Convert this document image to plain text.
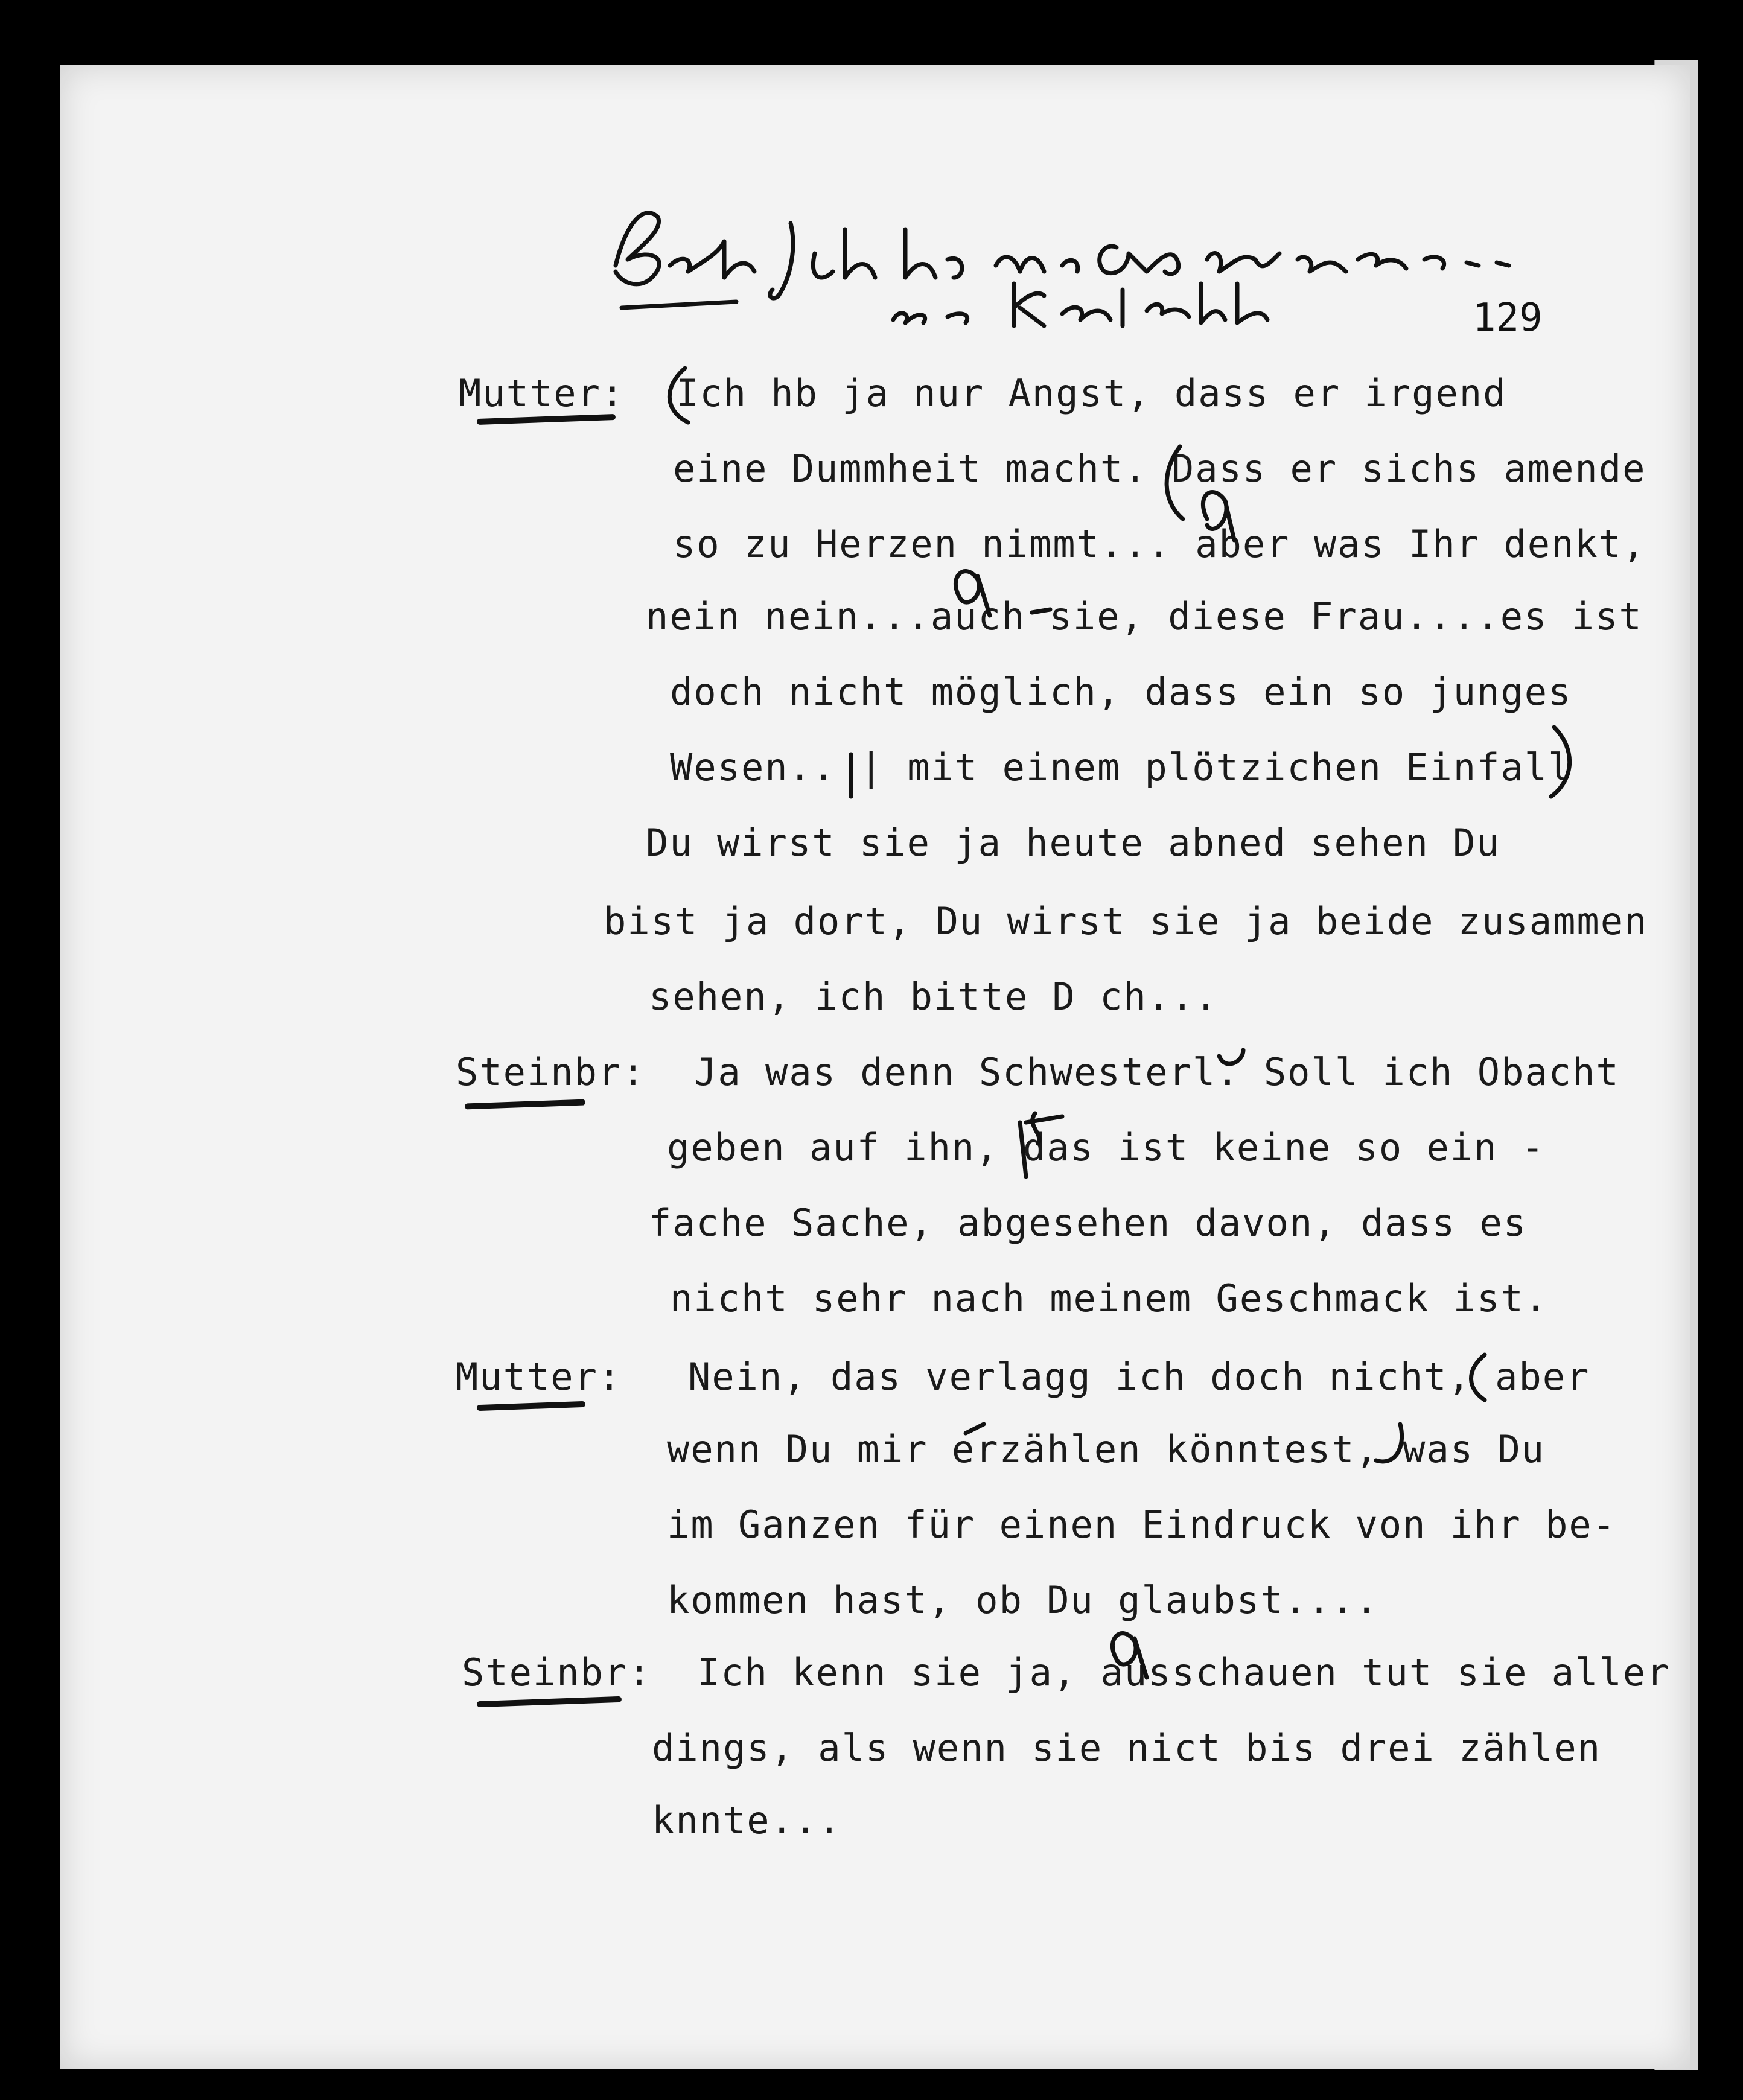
129
Mutter:
Steinbr:
Mutter:
Steinbr:
Ich hb ja nur Angst, dass er irgend
eine Dummheit macht. Dass er sichs amende
so zu Herzen nimmt... aber was Ihr denkt,
nein nein...auch sie, diese Frau....es ist
doch nicht möglich, dass ein so junges
Wesen.. | mit einem plötzichen Einfall
Du wirst sie ja heute abned sehen Du
bist ja dort, Du wirst sie ja beide zusammen
sehen, ich bitte D ch...
Ja was denn Schwesterl. Soll ich Obacht
geben auf ihn, das ist keine so ein -
fache Sache, abgesehen davon, dass es
nicht sehr nach meinem Geschmack ist.
Nein, das verlagg ich doch nicht, aber
wenn Du mir erzählen könntest, was Du
im Ganzen für einen Eindruck von ihr be-
kommen hast, ob Du glaubst....
Ich kenn sie ja, ausschauen tut sie aller
dings, als wenn sie nict bis drei zählen
knnte...
